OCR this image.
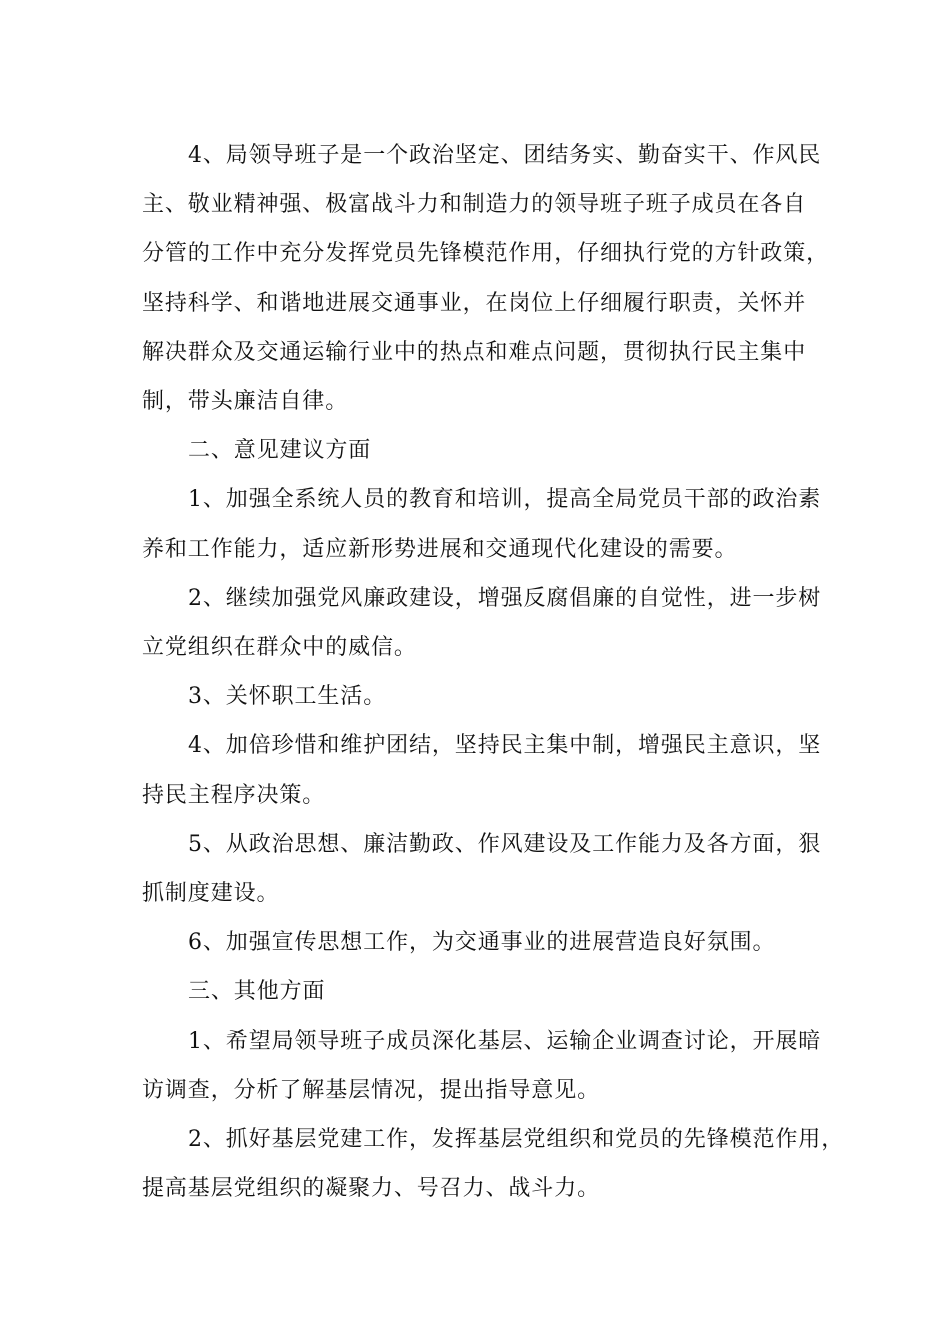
4、局领导班子是一个政治坚定、团结务实、勤奋实干、作风民
主、敬业精神强、极富战斗力和制造力的领导班子班子成员在各自
分管的工作中充分发挥党员先锋模范作用，仔细执行党的方针政策，
坚持科学、和谐地进展交通事业，在岗位上仔细履行职责，关怀并
解决群众及交通运输行业中的热点和难点问题，贯彻执行民主集中
制，带头廉洁自律。
二、意见建议方面
1、加强全系统人员的教育和培训，提高全局党员干部的政治素
养和工作能力，适应新形势进展和交通现代化建设的需要。
2、继续加强党风廉政建设，增强反腐倡廉的自觉性，进一步树
立党组织在群众中的威信。
3、关怀职工生活。
4、加倍珍惜和维护团结，坚持民主集中制，增强民主意识，坚
持民主程序决策。
5、从政治思想、廉洁勤政、作风建设及工作能力及各方面，狠
抓制度建设。
6、加强宣传思想工作，为交通事业的进展营造良好氛围。
三、其他方面
1、希望局领导班子成员深化基层、运输企业调查讨论，开展暗
访调查，分析了解基层情况，提出指导意见。
2、抓好基层党建工作，发挥基层党组织和党员的先锋模范作用，
提高基层党组织的凝聚力、号召力、战斗力。
